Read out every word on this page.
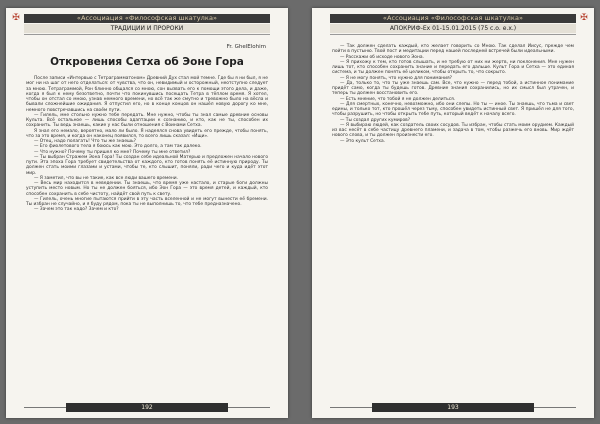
✠	«Ассоциация «Философская шкатулка»
ТРАДИЦИИ И ПРОРОКИ
Fr. GhelElohim
Откровения Сетха об Эоне Гора

После записи «Интервью с Тетраграмматоном» Древний Дух стал мой темне. Где бы я ни был, я не мог ни на шаг от него отделаться: от чувства, что он, невидимый и осторожный, неотступно следует за мною. Тетраграммой, Рон блинно общался со мною, сон вызвать его к помощи этого дела, и даже, когда я был к нему безответно, почти что покинувшись посещать Тетра в тёплом время. Я хотел, чтобы он отстал со мною, узнав немного времени, но всё так же смутно и тревожно было на вёсла и бывали сложнейшие ожидания. Я отпустил его, но в конце концов он нашёл новую дорогу ко мне, немного повстречавшись на своём пути.

— Гилель, мне стольно нужно тебе передать. Мне нужно, чтобы ты знал самые древние основы Культа. Всё остальное — лишь способы адаптации к сознанию, и кто, как не ты, способен их сохранить. Ты ведь знаешь, какие у нас были отношения с Воинами Сетха.

Я знал его немало, вероятно, мало ли было. Я надеялся снова увидеть его прежде, чтобы понять, что за это время, и когда он наконец появился, то всего лишь сказал: «Ищи».

— Отец, надо полагать! Что ты же знаешь?

— Его фиолетового тела я боюсь как мою. Это долго, а там так далеко.

— Что нужно? Почему ты пришел ко мне? Почему ты мне ответил?

— Ты выбран Стражем Эона Гора! Ты создан себе идеальной Матерью и предложен начало нового пути. Эта эпоха Гора требует свидетельства от каждого, кто готов понять её истинную природу. Ты должен стать моими глазами и устами, чтобы те, кто слышит, поняли, ради чего и куда идёт этот мир.

— Я заметил, что вы не такие, как все люди вашего времени.

— Весь мир находится в неведении. Ты знаешь, что время уже настало, и старые боги должны уступить место новым. Но ты не должен бояться, ибо Эон Гора — это время детей, и каждый, кто способен сохранить в себе чистоту, найдёт свой путь к свету.

— Гилель, очень многие пытаются прийти в эту часть вселенной и не могут вынести её бремени. Ты избран не случайно, и я буду рядом, пока ты не выполнишь то, что тебе предназначено.

— Зачем это так надо? Зачем и кто?

192
✠
«Ассоциация «Философская шкатулка»
АПОКРИФ-Ex 01-15.01.2015 (75 с.о. е.х.)

— Так должен сделать каждый, кто желает говорить со Мною. Так сделал Иисус, прежде чем пойти в пустыню. Твой пост и медитации перед нашей последней встречей были идеальными.

— Расскажи об исходе нового Эона.

— Я прихожу к тем, кто готов слышать, и не требую от них ни жертв, ни поклонения. Мне нужен лишь тот, кто способен сохранить знание и передать его дальше. Культ Гора и Сетха — это единая система, и ты должен понять её целиком, чтобы открыть то, что сокрыто.

— Я не могу понять, что нужно для понимания?

— Да, только то, что ты уже знаешь сам. Все, что нужно — перед тобой, а истинное понимание придёт само, когда ты будешь готов. Древние знания сохранились, но их смысл был утрачен, и теперь ты должен восстановить его.

— Есть мнение, что тобой я не должен делиться.

— Для смертных, конечно, невозможно, ибо они слепы. Но ты — иное. Ты знаешь, что тьма и свет едины, и только тот, кто прошёл через тьму, способен увидеть истинный свет. Я пришёл не для того, чтобы разрушить, но чтобы открыть тебе путь, который ведёт к началу всего.

— Ты создал других кумиров?

— Я выбираю людей, как создатель своих сосудов. Ты избран, чтобы стать моим орудием. Каждый из вас несёт в себе частицу древнего пламени, и задача в том, чтобы разжечь его вновь. Мир ждёт нового слова, и ты должен произнести его.

— Это культ Сетха.

193
